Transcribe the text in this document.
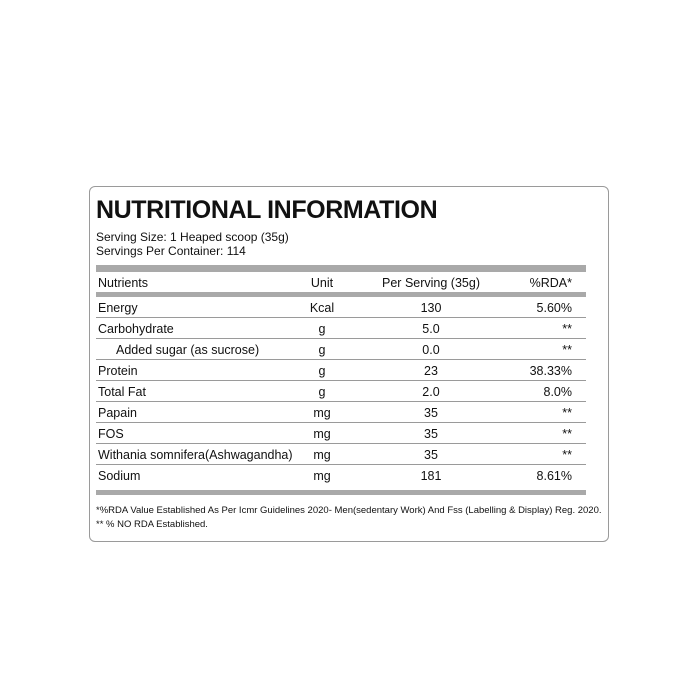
NUTRITIONAL INFORMATION
Serving Size: 1 Heaped scoop (35g)
Servings Per Container: 114
Nutrients	Unit	Per Serving (35g)	%RDA*
Energy	Kcal	130	5.60%
Carbohydrate	g	5.0	**
Added sugar (as sucrose)	g	0.0	**
Protein	g	23	38.33%
Total Fat	g	2.0	8.0%
Papain	mg	35	**
FOS	mg	35	**
Withania somnifera(Ashwagandha)	mg	35	**
Sodium	mg	181	8.61%
*%RDA Value Established As Per Icmr Guidelines 2020- Men(sedentary Work) And Fss (Labelling & Display) Reg. 2020.
** % NO RDA Established.
